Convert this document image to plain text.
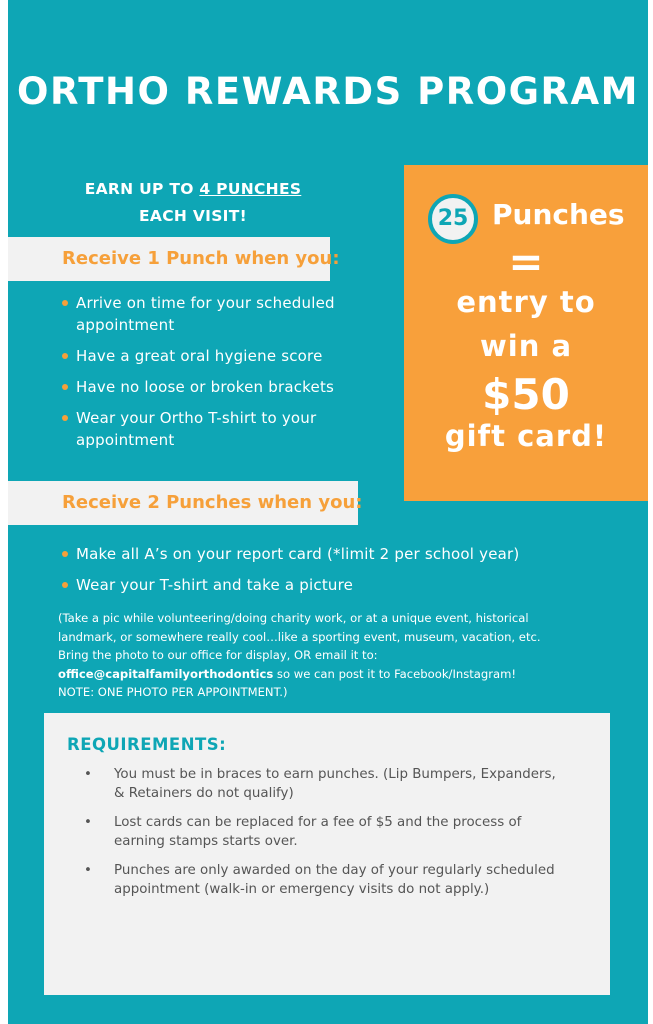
ORTHO REWARDS PROGRAM
EARN UP TO 4 PUNCHES
EACH VISIT!
Receive 1 Punch when you:
Arrive on time for your scheduled appointment
Have a great oral hygiene score
Have no loose or broken brackets
Wear your Ortho T-shirt to your appointment
Receive 2 Punches when you:
Make all A’s on your report card (*limit 2 per school year)
Wear your T-shirt and take a picture
(Take a pic while volunteering/doing charity work, or at a unique event, historical
landmark, or somewhere really cool…like a sporting event, museum, vacation, etc.
Bring the photo to our office for display, OR email it to:
office@capitalfamilyorthodontics so we can post it to Facebook/Instagram!
NOTE: ONE PHOTO PER APPOINTMENT.)
25 Punches
=
entry to
win a
$50
gift card!
REQUIREMENTS:
• You must be in braces to earn punches. (Lip Bumpers, Expanders, & Retainers do not qualify)
• Lost cards can be replaced for a fee of $5 and the process of earning stamps starts over.
• Punches are only awarded on the day of your regularly scheduled appointment (walk-in or emergency visits do not apply.)
